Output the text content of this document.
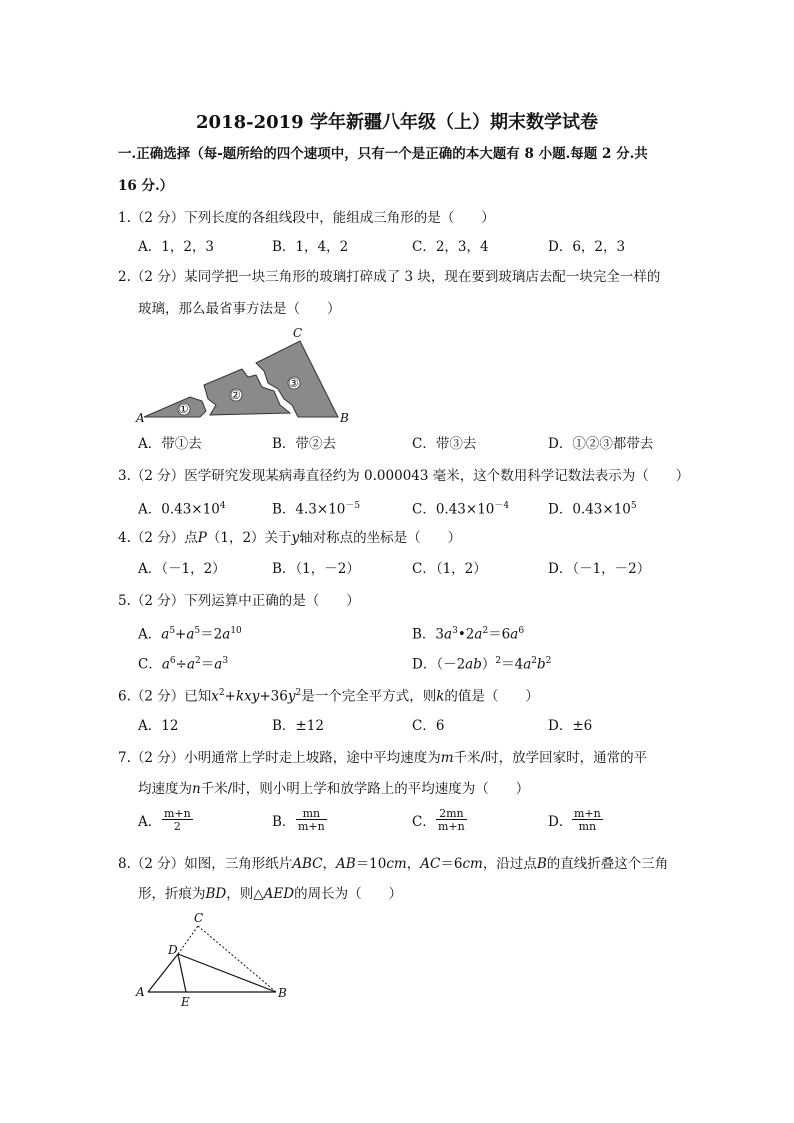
2018-2019 学年新疆八年级（上）期末数学试卷
一.正确选择（每-题所给的四个速项中，只有一个是正确的本大题有 8 小题.每题 2 分.共
16 分.）
1.（2 分）下列长度的各组线段中，能组成三角形的是（　　）
A．1，2，3	B．1，4，2	C．2，3，4	D．6，2，3
2.（2 分）某同学把一块三角形的玻璃打碎成了 3 块，现在要到玻璃店去配一块完全一样的
玻璃，那么最省事方法是（　　）
①
②
③
A	B
C
A．带①去	B．带②去	C．带③去	D．①②③都带去
3.（2 分）医学研究发现某病毒直径约为 0.000043 毫米，这个数用科学记数法表示为（　　）
A．$0.43\times 10^4$	B．$4.3\times 10^{-5}$	C．$0.43\times 10^{-4}$	D．$0.43\times 10^5$
4.（2 分）点P（1，2）关于y轴对称点的坐标是（　　）
A．（－1，2）	B．（1，－2）	C．（1，2）	D．（－1，－2）
5.（2 分）下列运算中正确的是（　　）
A．$a^5+a^5=2a^{10}$	B．$3a^3•2a^2=6a^6$
C．$a^6\div a^2=a^3$	D．$(-2ab)^2=4a^2b^2$
6.（2 分）已知$x^2+kxy+36y^2$是一个完全平方式，则k的值是（　　）
A．12	B．±12	C．6	D．±6
7.（2 分）小明通常上学时走上坡路，途中平均速度为m千米/时，放学回家时，通常的平
均速度为n千米/时，则小明上学和放学路上的平均速度为（　　）
A． $\frac{m+n}{2}$	B． $\frac{mn}{m+n}$	C． $\frac{2mn}{m+n}$	D． $\frac{m+n}{mn}$
8.（2 分）如图，三角形纸片ABC，AB＝10cm，AC＝6cm，沿过点B的直线折叠这个三角
形，折痕为BD，则△AED的周长为（　　）
A	B
C
D
E
